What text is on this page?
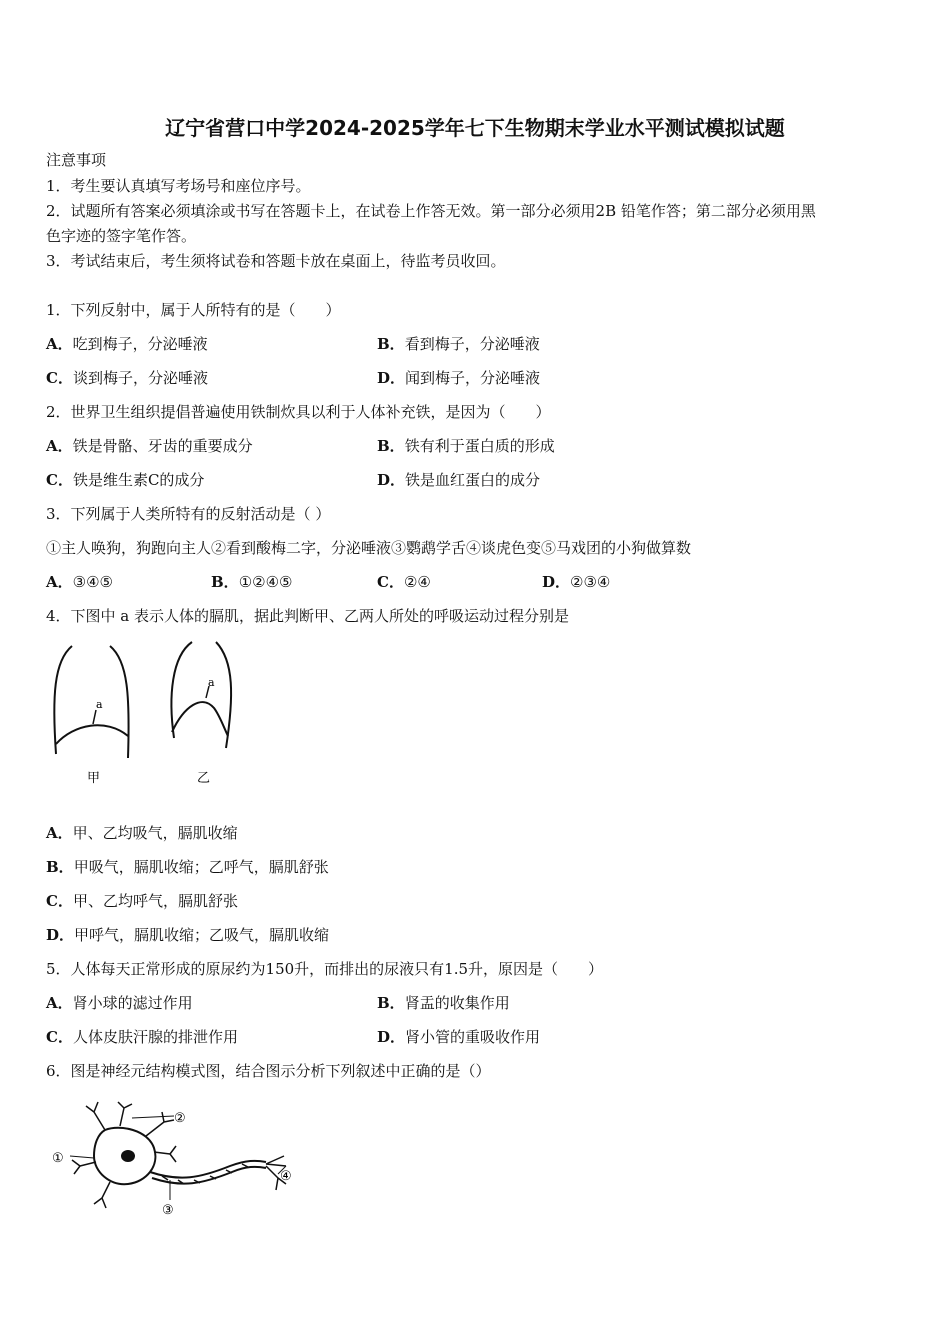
辽宁省营口中学2024-2025学年七下生物期末学业水平测试模拟试题
注意事项
1．考生要认真填写考场号和座位序号。
2．试题所有答案必须填涂或书写在答题卡上，在试卷上作答无效。第一部分必须用2B 铅笔作答；第二部分必须用黑
色字迹的签字笔作答。
3．考试结束后，考生须将试卷和答题卡放在桌面上，待监考员收回。
1．下列反射中，属于人所特有的是（　　）
A．吃到梅子，分泌唾液	B．看到梅子，分泌唾液
C．谈到梅子，分泌唾液	D．闻到梅子，分泌唾液
2．世界卫生组织提倡普遍使用铁制炊具以利于人体补充铁，是因为（　　）
A．铁是骨骼、牙齿的重要成分	B．铁有利于蛋白质的形成
C．铁是维生素C的成分	D．铁是血红蛋白的成分
3．下列属于人类所特有的反射活动是（ ）
①主人唤狗，狗跑向主人②看到酸梅二字，分泌唾液③鹦鹉学舌④谈虎色变⑤马戏团的小狗做算数
A．③④⑤	B．①②④⑤	C．②④	D．②③④
4．下图中 a 表示人体的膈肌，据此判断甲、乙两人所处的呼吸运动过程分别是
a
甲
a
乙
A．甲、乙均吸气，膈肌收缩
B．甲吸气，膈肌收缩；乙呼气，膈肌舒张
C．甲、乙均呼气，膈肌舒张
D．甲呼气，膈肌收缩；乙吸气，膈肌收缩
5．人体每天正常形成的原尿约为150升，而排出的尿液只有1.5升，原因是（　　）
A．肾小球的滤过作用	B．肾盂的收集作用
C．人体皮肤汗腺的排泄作用	D．肾小管的重吸收作用
6．图是神经元结构模式图，结合图示分析下列叙述中正确的是（）
①
②
③
④
